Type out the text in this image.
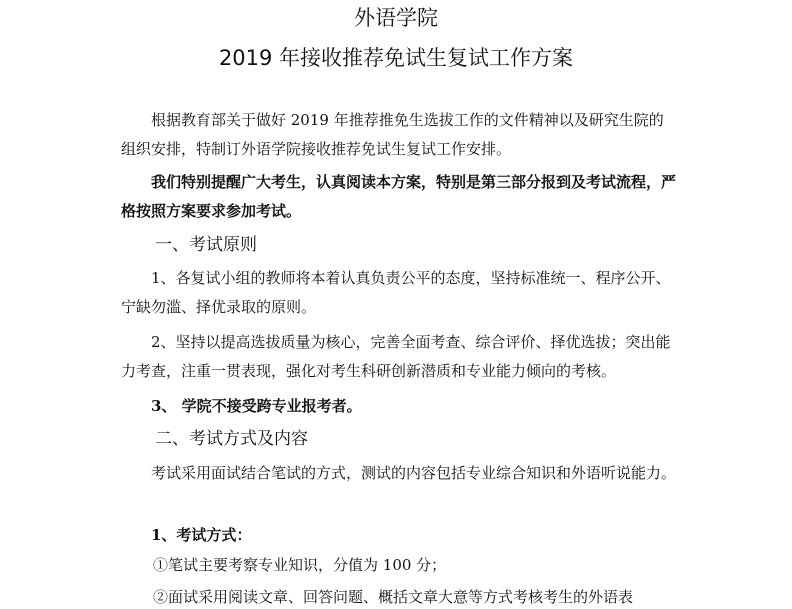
外语学院
2019 年接收推荐免试生复试工作方案

根据教育部关于做好 2019 年推荐推免生选拔工作的文件精神以及研究生院的组织安排，特制订外语学院接收推荐免试生复试工作安排。

我们特别提醒广大考生，认真阅读本方案，特别是第三部分报到及考试流程，严格按照方案要求参加考试。

一、考试原则

1、各复试小组的教师将本着认真负责公平的态度，坚持标准统一、程序公开、宁缺勿滥、择优录取的原则。

2、坚持以提高选拔质量为核心，完善全面考查、综合评价、择优选拔；突出能力考查，注重一贯表现，强化对考生科研创新潜质和专业能力倾向的考核。

3、 学院不接受跨专业报考者。
二、考试方式及内容

考试采用面试结合笔试的方式，测试的内容包括专业综合知识和外语听说能力。

1、考试方式：
①笔试主要考察专业知识，分值为 100 分；
②面试采用阅读文章、回答问题、概括文章大意等方式考核考生的外语表
